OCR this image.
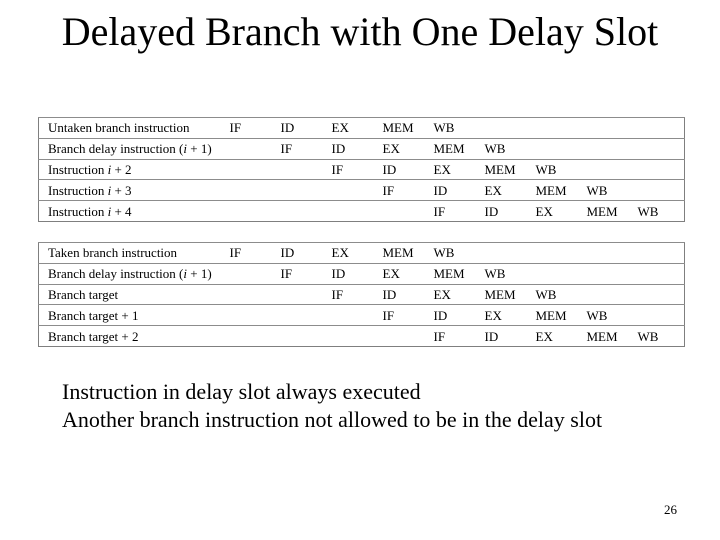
Delayed Branch with One Delay Slot
Untaken branch instruction	IF	ID	EX	MEM	WB				
Branch delay instruction (i + 1)		IF	ID	EX	MEM	WB			
Instruction i + 2			IF	ID	EX	MEM	WB		
Instruction i + 3				IF	ID	EX	MEM	WB	
Instruction i + 4					IF	ID	EX	MEM	WB
Taken branch instruction	IF	ID	EX	MEM	WB				
Branch delay instruction (i + 1)		IF	ID	EX	MEM	WB			
Branch target			IF	ID	EX	MEM	WB		
Branch target + 1				IF	ID	EX	MEM	WB	
Branch target + 2					IF	ID	EX	MEM	WB
Instruction in delay slot always executed
Another branch instruction not allowed to be in the delay slot
26
